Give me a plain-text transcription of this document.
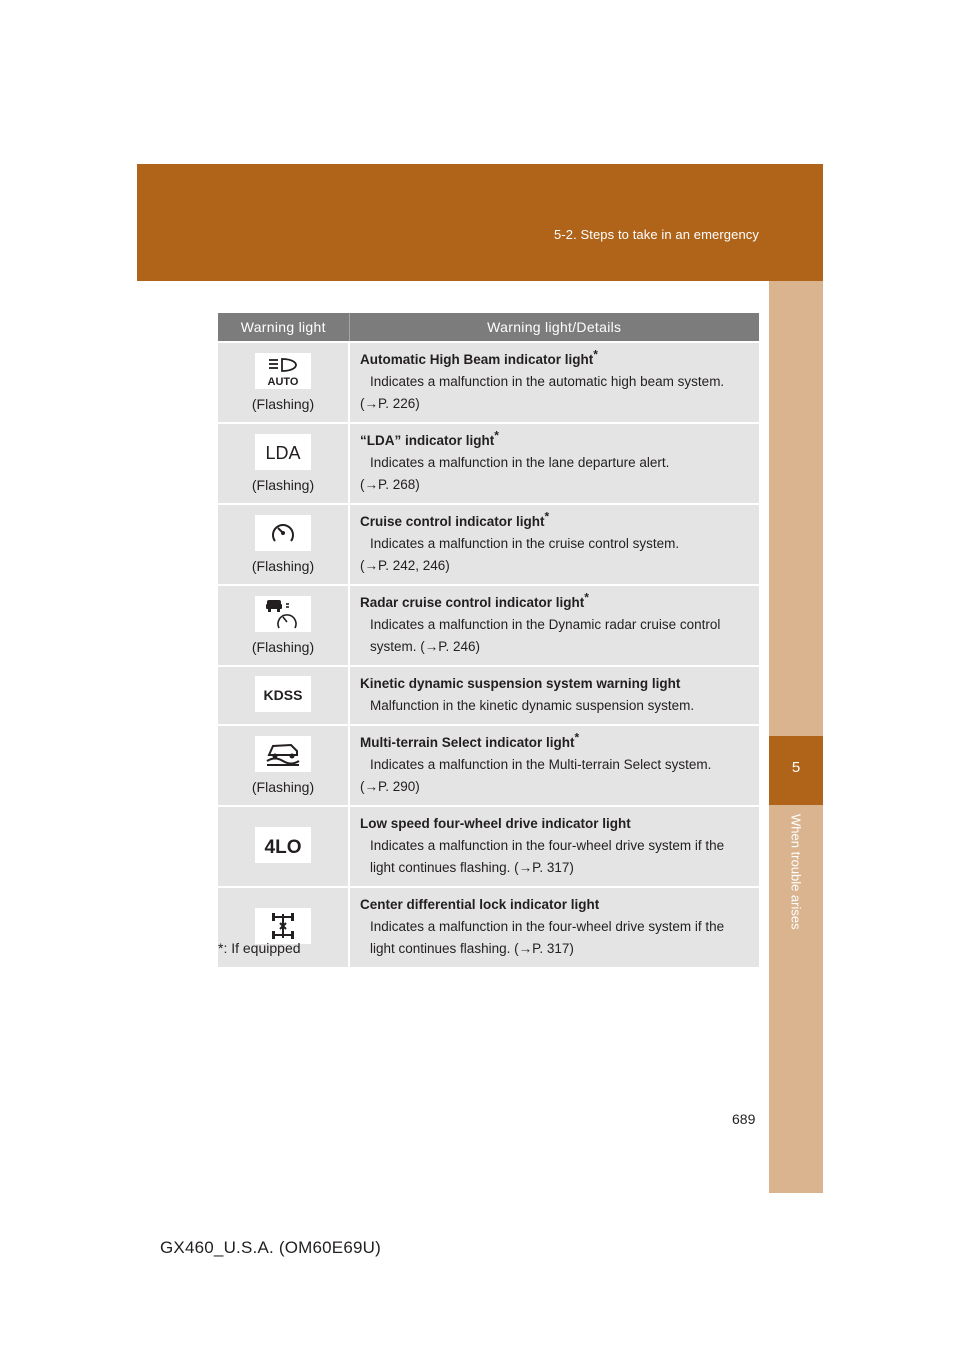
5-2. Steps to take in an emergency
5
When trouble arises
Warning light	Warning light/Details

AUTO
(Flashing)	Automatic High Beam indicator light*
Indicates a malfunction in the automatic high beam system.
(→P. 226)

LDA
(Flashing)	“LDA” indicator light*
Indicates a malfunction in the lane departure alert.
(→P. 268)

(Flashing)	Cruise control indicator light*
Indicates a malfunction in the cruise control system.
(→P. 242, 246)

(Flashing)	Radar cruise control indicator light*
Indicates a malfunction in the Dynamic radar cruise control system. (→P. 246)

KDSS	Kinetic dynamic suspension system warning light
Malfunction in the kinetic dynamic suspension system.

(Flashing)	Multi-terrain Select indicator light*
Indicates a malfunction in the Multi-terrain Select system.
(→P. 290)

4LO	Low speed four-wheel drive indicator light
Indicates a malfunction in the four-wheel drive system if the light continues flashing. (→P. 317)

Center differential lock indicator light
Indicates a malfunction in the four-wheel drive system if the light continues flashing. (→P. 317)
*: If equipped
689
GX460_U.S.A. (OM60E69U)
